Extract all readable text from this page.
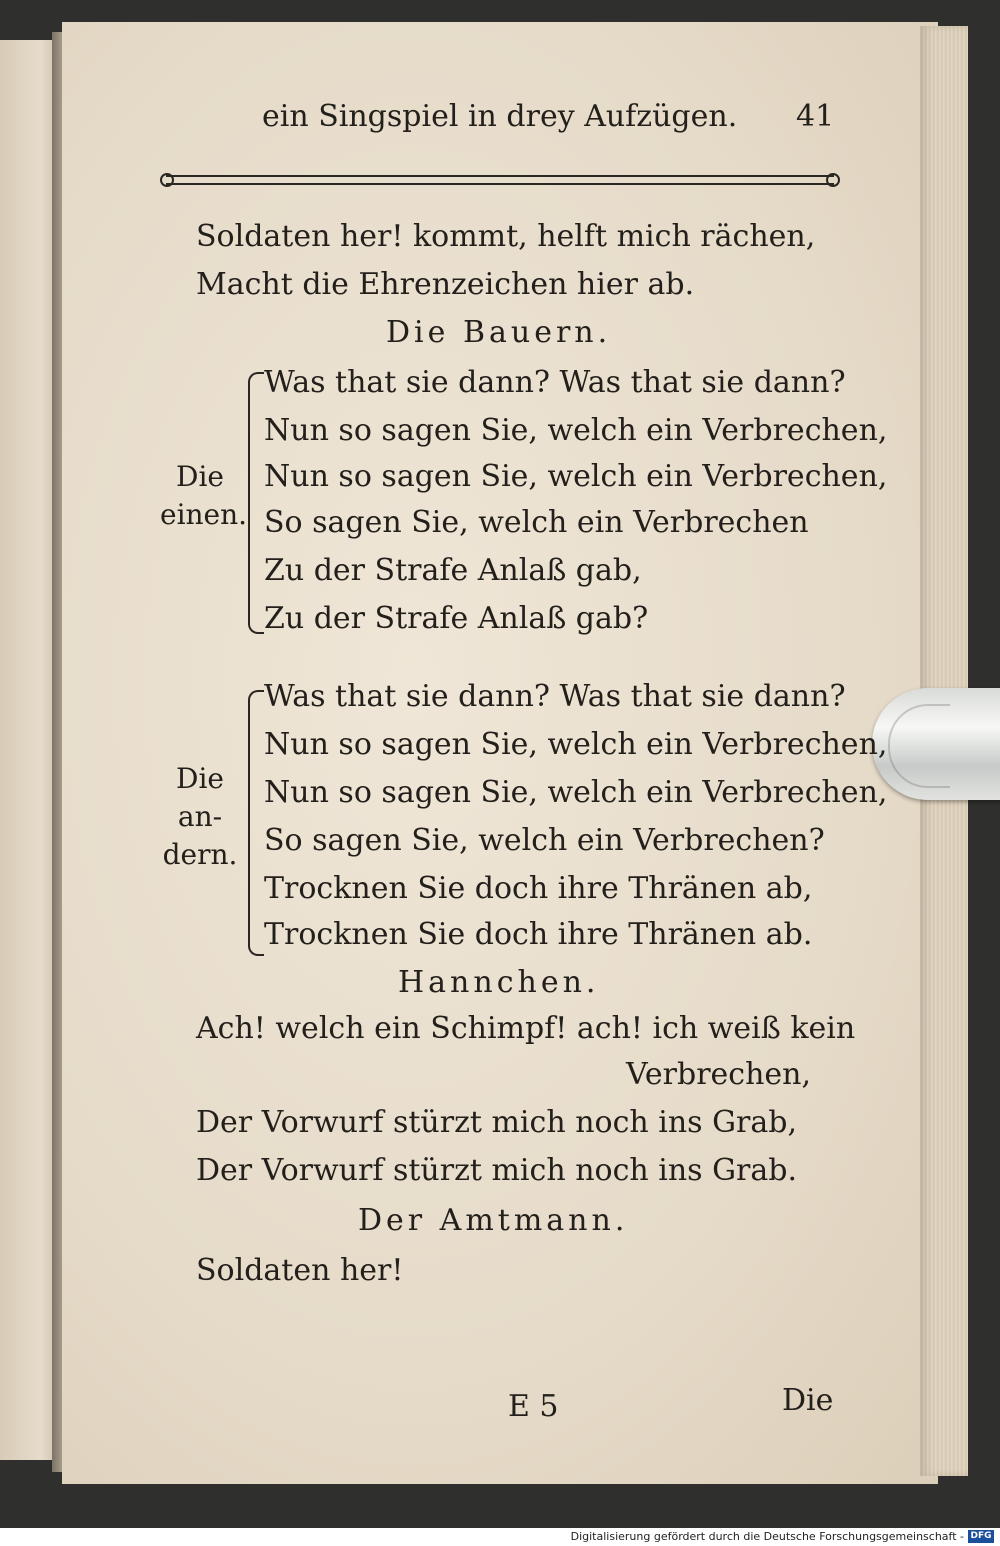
ein Singspiel in drey Aufzügen. 41
Soldaten her! kommt, helft mich rächen,
Macht die Ehrenzeichen hier ab.
Die Bauern.
Die
einen.
Was that sie dann? Was that sie dann?
Nun so sagen Sie, welch ein Verbrechen,
Nun so sagen Sie, welch ein Verbrechen,
So sagen Sie, welch ein Verbrechen
Zu der Strafe Anlaß gab,
Zu der Strafe Anlaß gab?
Die
an-
dern.
Was that sie dann? Was that sie dann?
Nun so sagen Sie, welch ein Verbrechen,
Nun so sagen Sie, welch ein Verbrechen,
So sagen Sie, welch ein Verbrechen?
Trocknen Sie doch ihre Thränen ab,
Trocknen Sie doch ihre Thränen ab.
Hannchen.
Ach! welch ein Schimpf! ach! ich weiß kein
Verbrechen,
Der Vorwurf stürzt mich noch ins Grab,
Der Vorwurf stürzt mich noch ins Grab.
Der Amtmann.
Soldaten her!
E 5	Die
Digitalisierung gefördert durch die Deutsche Forschungsgemeinschaft - DFG
